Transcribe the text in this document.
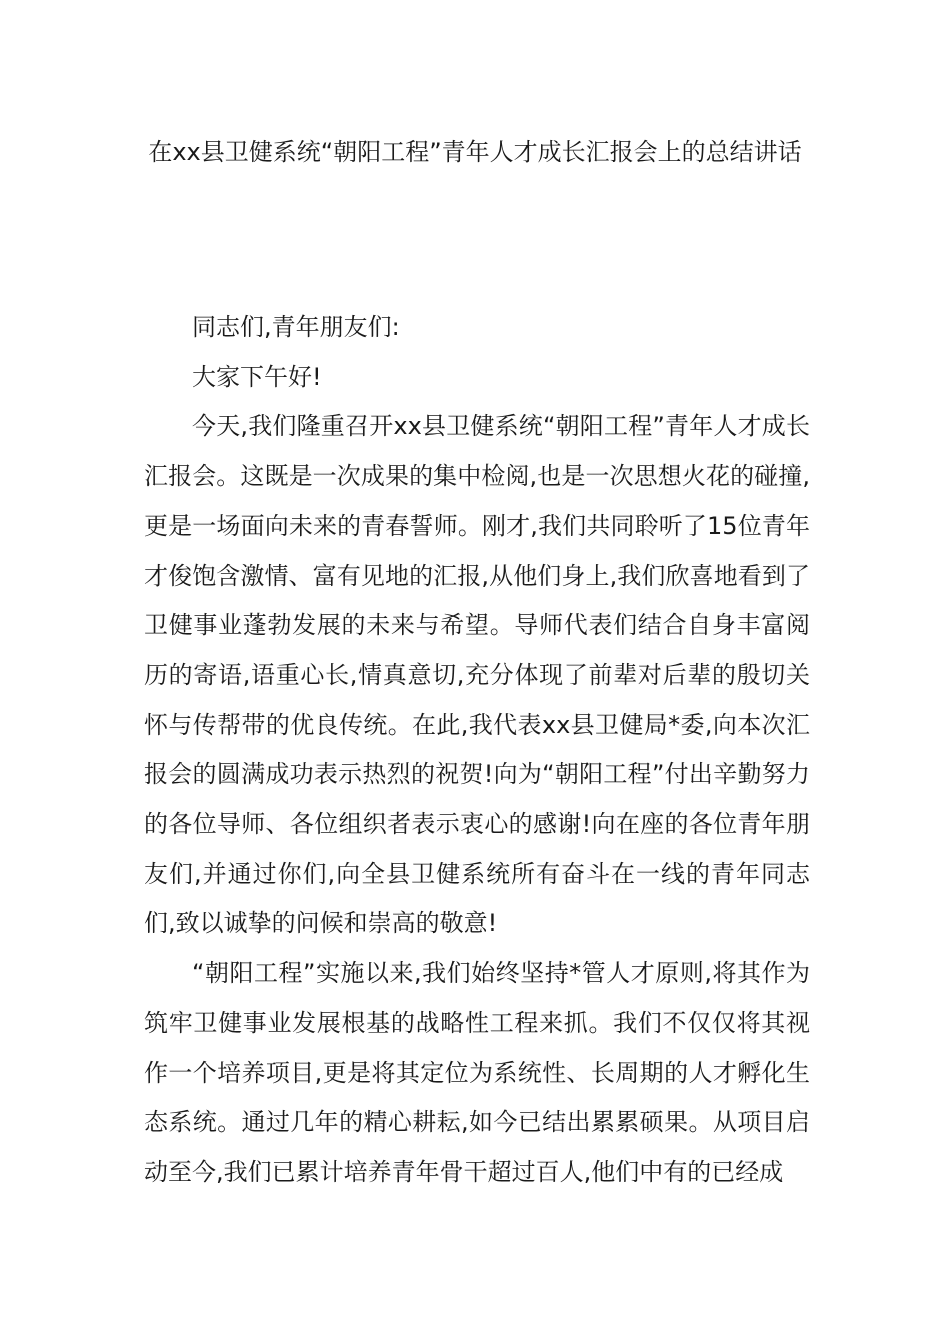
在xx县卫健系统“朝阳工程”青年人才成长汇报会上的总结讲话

同志们,青年朋友们:

大家下午好!

今天,我们隆重召开xx县卫健系统“朝阳工程”青年人才成长汇报会。这既是一次成果的集中检阅,也是一次思想火花的碰撞,更是一场面向未来的青春誓师。刚才,我们共同聆听了15位青年才俊饱含激情、富有见地的汇报,从他们身上,我们欣喜地看到了卫健事业蓬勃发展的未来与希望。导师代表们结合自身丰富阅历的寄语,语重心长,情真意切,充分体现了前辈对后辈的殷切关怀与传帮带的优良传统。在此,我代表xx县卫健局*委,向本次汇报会的圆满成功表示热烈的祝贺!向为“朝阳工程”付出辛勤努力的各位导师、各位组织者表示衷心的感谢!向在座的各位青年朋友们,并通过你们,向全县卫健系统所有奋斗在一线的青年同志们,致以诚挚的问候和崇高的敬意!

“朝阳工程”实施以来,我们始终坚持*管人才原则,将其作为筑牢卫健事业发展根基的战略性工程来抓。我们不仅仅将其视作一个培养项目,更是将其定位为系统性、长周期的人才孵化生态系统。通过几年的精心耕耘,如今已结出累累硕果。从项目启动至今,我们已累计培养青年骨干超过百人,他们中有的已经成
